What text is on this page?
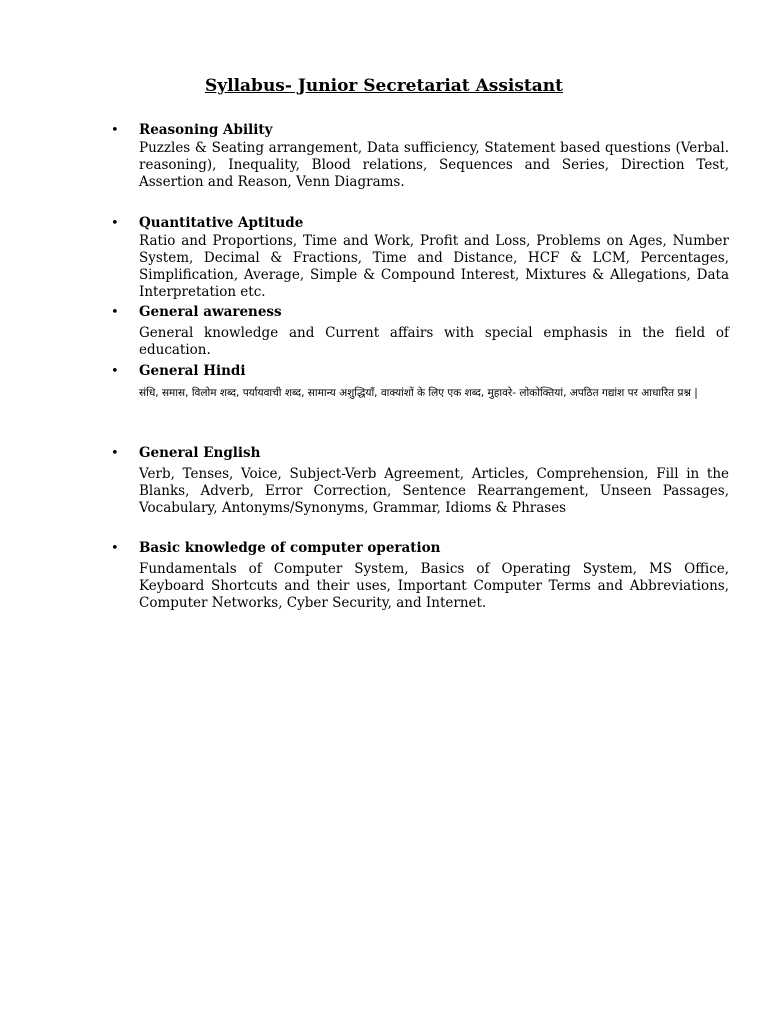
Syllabus- Junior Secretariat Assistant
• Reasoning Ability

Puzzles & Seating arrangement, Data sufficiency, Statement based questions (Verbal. reasoning), Inequality, Blood relations, Sequences and Series, Direction Test, Assertion and Reason, Venn Diagrams.

• Quantitative Aptitude

Ratio and Proportions, Time and Work, Profit and Loss, Problems on Ages, Number System, Decimal & Fractions, Time and Distance, HCF & LCM, Percentages, Simplification, Average, Simple & Compound Interest, Mixtures & Allegations, Data Interpretation etc.

• General awareness

General knowledge and Current affairs with special emphasis in the field of education.

• General Hindi

संधि, समास, विलोम शब्द, पर्यायवाची शब्द, सामान्य अशुद्धियाँ, वाक्यांशों के लिए एक शब्द, मुहावरे- लोकोक्तियां, अपठित गद्यांश पर आधारित प्रश्न |

• General English

Verb, Tenses, Voice, Subject-Verb Agreement, Articles, Comprehension, Fill in the Blanks, Adverb, Error Correction, Sentence Rearrangement, Unseen Passages, Vocabulary, Antonyms/Synonyms, Grammar, Idioms & Phrases

• Basic knowledge of computer operation

Fundamentals of Computer System, Basics of Operating System, MS Office, Keyboard Shortcuts and their uses, Important Computer Terms and Abbreviations, Computer Networks, Cyber Security, and Internet.
